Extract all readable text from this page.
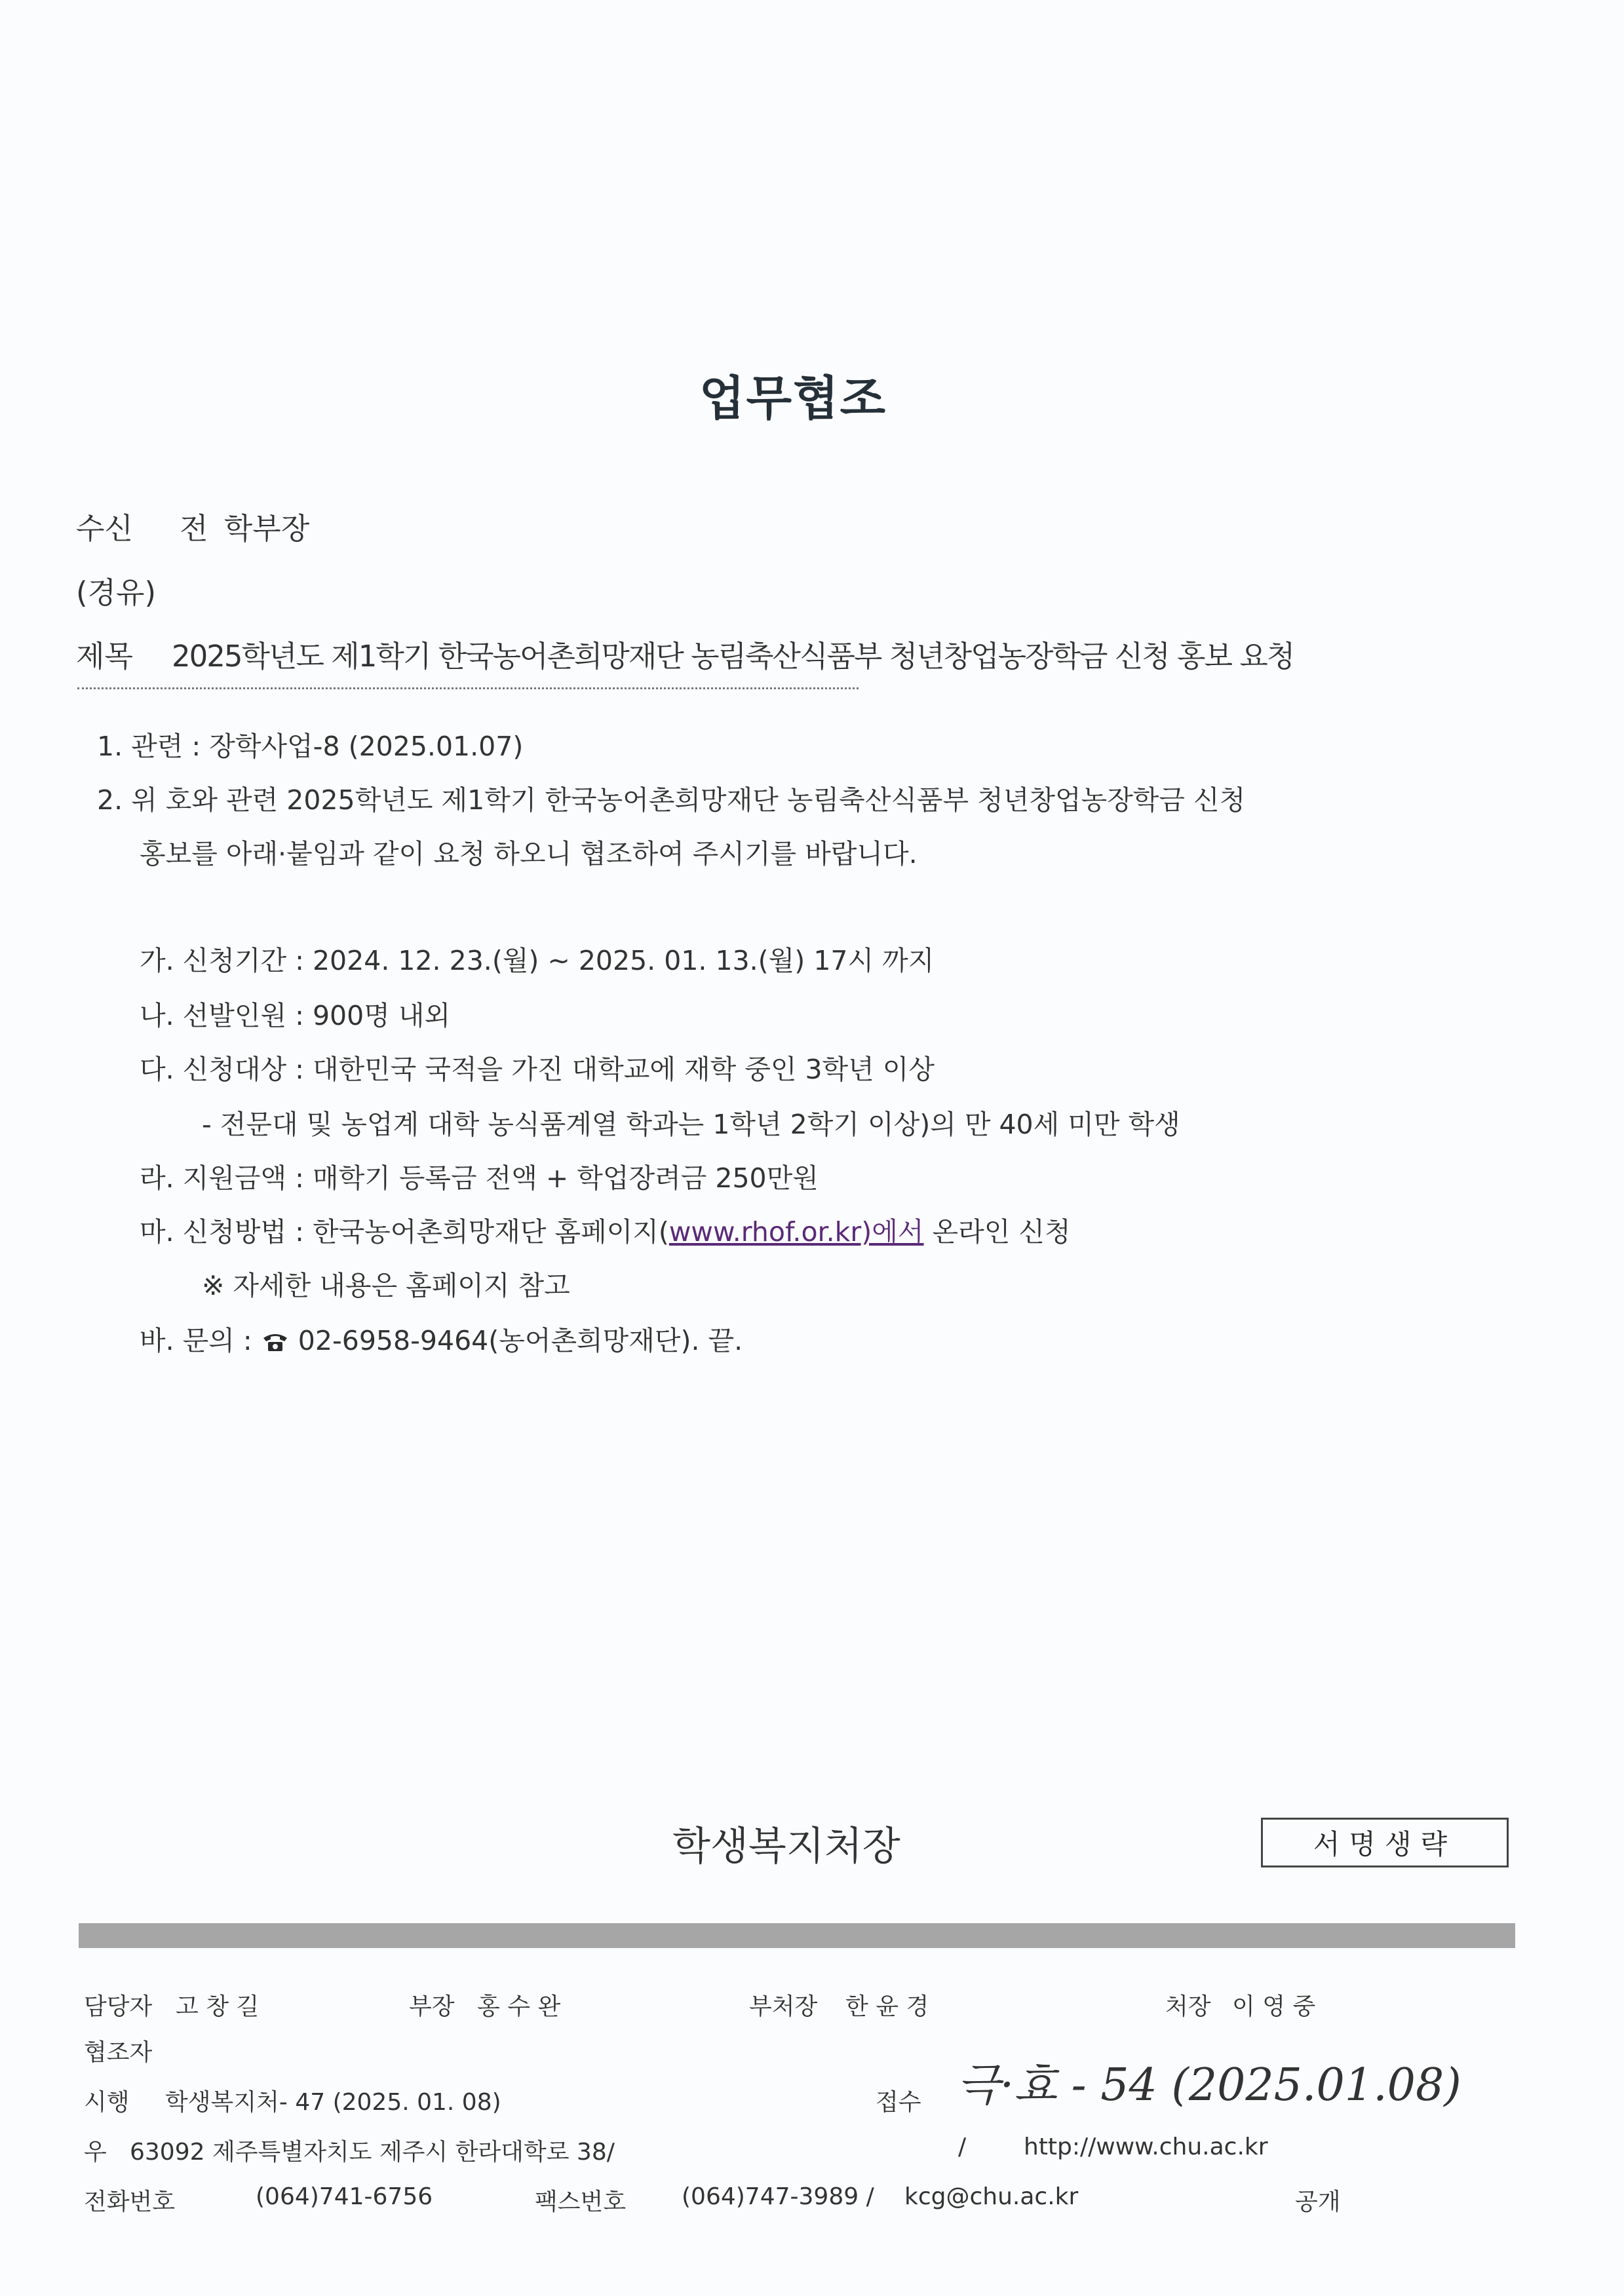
업무협조
수신 전 학부장
(경유)
제목 2025학년도 제1학기 한국농어촌희망재단 농림축산식품부 청년창업농장학금 신청 홍보 요청
1. 관련 : 장학사업-8 (2025.01.07)
2. 위 호와 관련 2025학년도 제1학기 한국농어촌희망재단 농림축산식품부 청년창업농장학금 신청
홍보를 아래·붙임과 같이 요청 하오니 협조하여 주시기를 바랍니다.
가. 신청기간 : 2024. 12. 23.(월) ~ 2025. 01. 13.(월) 17시 까지
나. 선발인원 : 900명 내외
다. 신청대상 : 대한민국 국적을 가진 대학교에 재학 중인 3학년 이상
- 전문대 및 농업계 대학 농식품계열 학과는 1학년 2학기 이상)의 만 40세 미만 학생
라. 지원금액 : 매학기 등록금 전액 + 학업장려금 250만원
마. 신청방법 : 한국농어촌희망재단 홈페이지(www.rhof.or.kr)에서 온라인 신청
※ 자세한 내용은 홈페이지 참고
바. 문의 :  02-6958-9464(농어촌희망재단). 끝.
학생복지처장	서명생략
담당자 고 창 길	부장 홍 수 완	부처장 한 윤 경	처장 이 영 중
협조자
시행 학생복지처- 47 (2025. 01. 08)	접수 극·효 - 54 (2025.01.08)
우 63092 제주특별자치도 제주시 한라대학로 38/	/ http://www.chu.ac.kr
전화번호	(064)741-6756	팩스번호 (064)747-3989 / kcg@chu.ac.kr	공개
